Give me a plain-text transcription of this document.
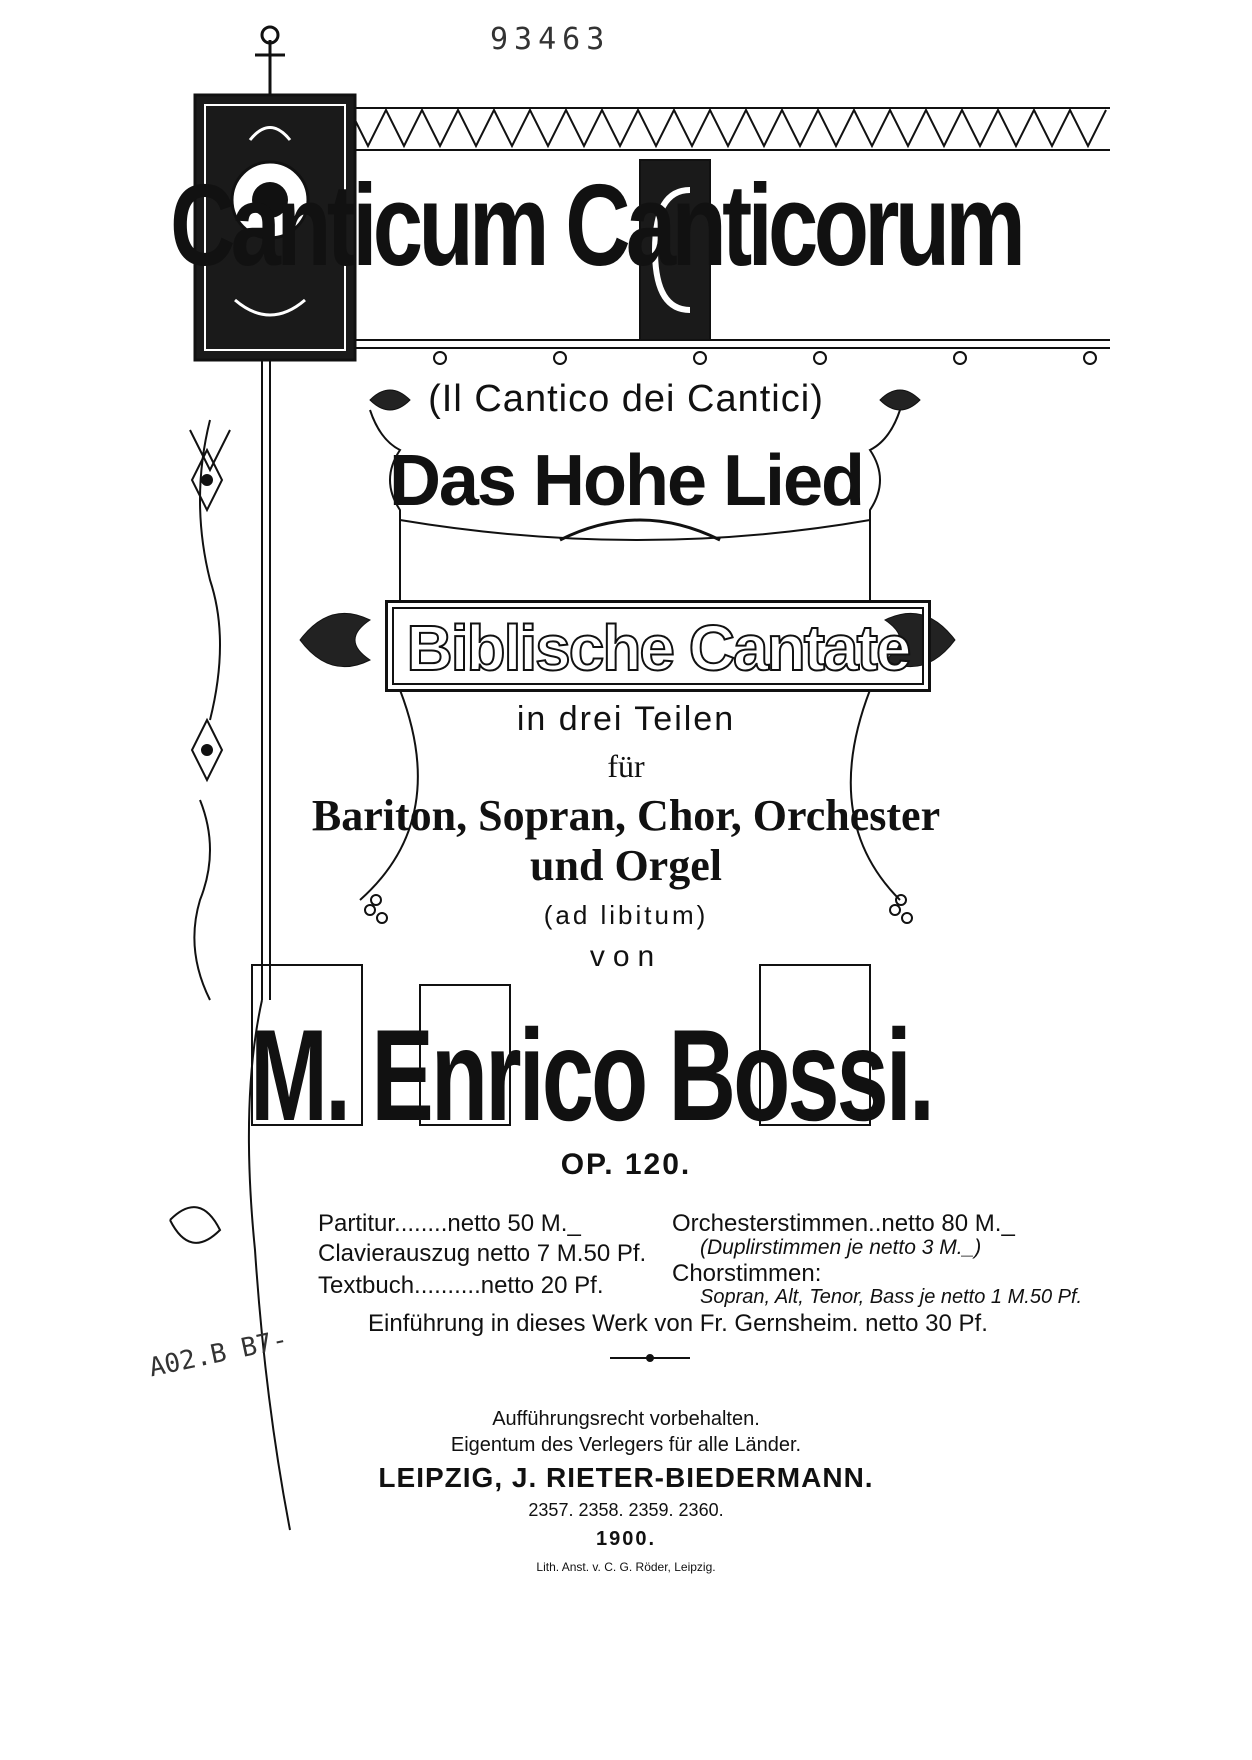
93463
Canticum Canticorum
(Il Cantico dei Cantici)
Das Hohe Lied
Biblische Cantate
in drei Teilen
für
Bariton, Sopran, Chor, Orchester
und Orgel
(ad libitum)
von
M. Enrico Bossi.
OP. 120.
Partitur........netto 50 M._
Clavierauszug netto 7 M.50 Pf.
Textbuch..........netto 20 Pf.
Orchesterstimmen..netto 80 M._
(Duplirstimmen je netto 3 M._)
Chorstimmen:
Sopran, Alt, Tenor, Bass je netto 1 M.50 Pf.
Einführung in dieses Werk von Fr. Gernsheim. netto 30 Pf.
A02.B B7-
Aufführungsrecht vorbehalten.
Eigentum des Verlegers für alle Länder.
LEIPZIG, J. RIETER-BIEDERMANN.
2357. 2358. 2359. 2360.
1900.
Lith. Anst. v. C. G. Röder, Leipzig.
